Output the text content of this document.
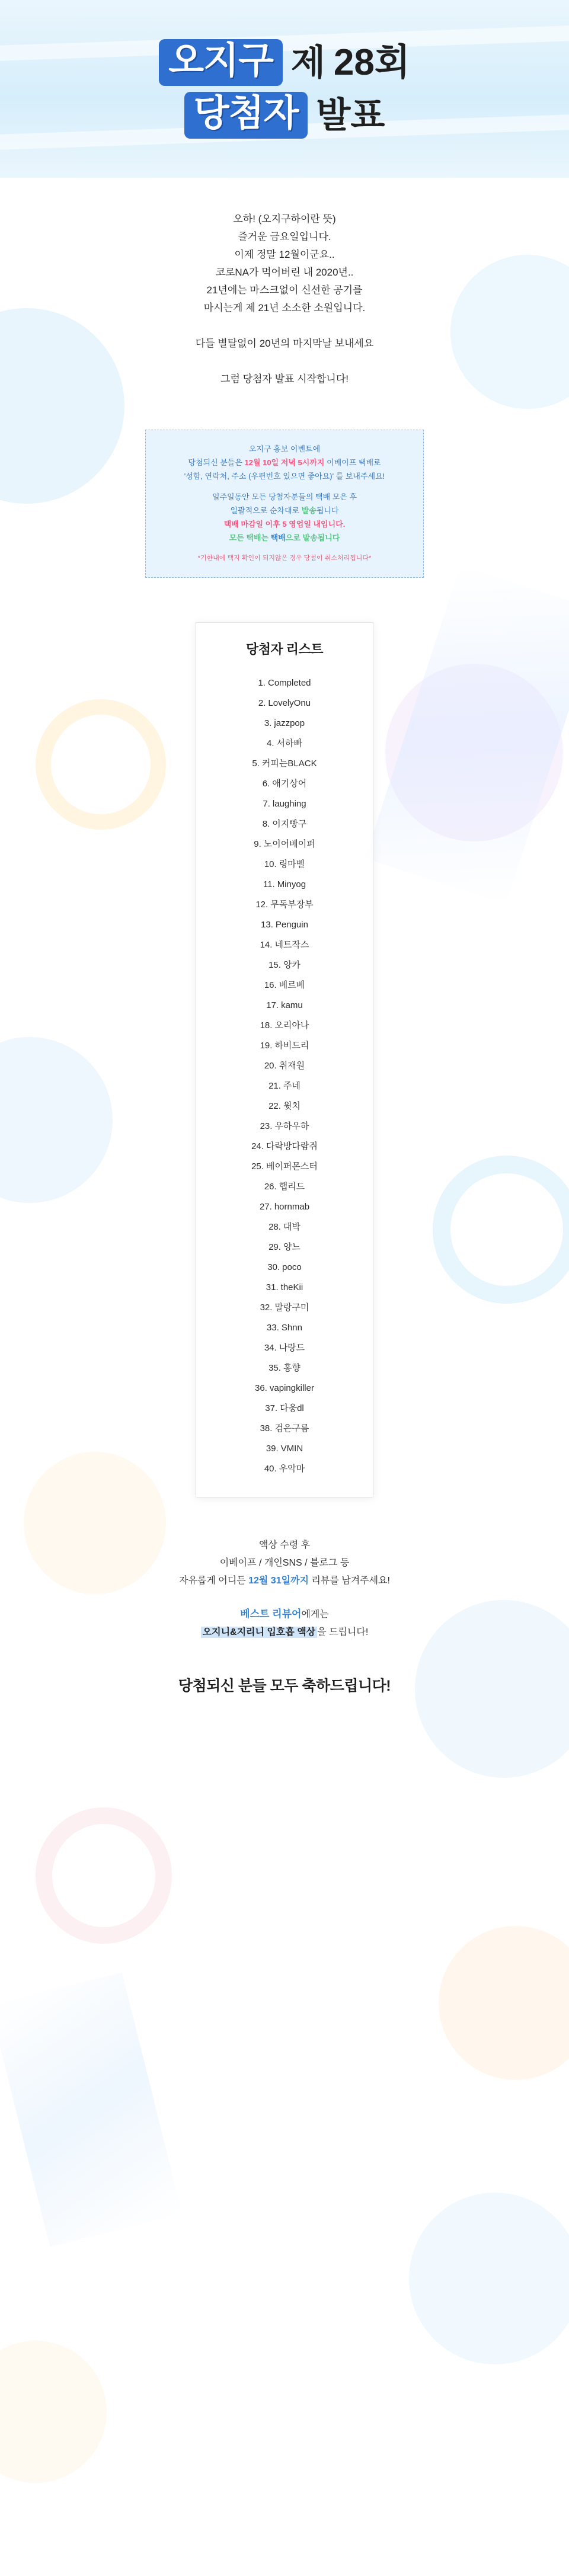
오지구 제 28회
당첨자 발표

오하! (오지구하이란 뜻)

즐거운 금요일입니다.

이제 정말 12월이군요..

코로NA가 먹어버린 내 2020년..

21년에는 마스크없이 신선한 공기를

마시는게 제 21년 소소한 소원입니다.

다들 별탈없이 20년의 마지막날 보내세요

그럼 당첨자 발표 시작합니다!

오지구 홍보 이벤트에

당첨되신 분들은 12월 10일 저녁 5시까지 이베이프 택배로

'성함, 연락처, 주소 (우편번호 있으면 좋아요)' 를 보내주세요!

일주일동안 모든 당첨자분들의 택배 모은 후

일괄적으로 순차대로 발송됩니다

택배 마감일 이후 5 영업일 내입니다.

모든 택배는 택배으로 발송됩니다

*기한내에 택지 확인이 되지않은 경우 당첨이 취소처리됩니다*

당첨자 리스트
1. Completed
2. LovelyOnu
3. jazzpop
4. 서하빠
5. 커피는BLACK
6. 애기상어
7. laughing
8. 이지빵구
9. 노이어베이퍼
10. 링마벨
11. Minyog
12. 무독부장부
13. Penguin
14. 네트작스
15. 앙카
16. 베르베
17. kamu
18. 오리아나
19. 하비드리
20. 취재원
21. 주네
22. 윗치
23. 우하우하
24. 다락방다람쥐
25. 베이퍼몬스터
26. 햅리드
27. hornmab
28. 대박
29. 양느
30. poco
31. theKii
32. 말랑구미
33. Shnn
34. 나랑드
35. 홍향
36. vapingkiller
37. 다웅dl
38. 검은구름
39. VMIN
40. 우악마

액상 수령 후

이베이프 / 개인SNS / 블로그 등

자유롭게 어디든 12월 31일까지 리뷰를 남겨주세요!

베스트 리뷰어에게는

오지니&지리니 입호흡 액상 을 드립니다!

당첨되신 분들 모두 축하드립니다!
